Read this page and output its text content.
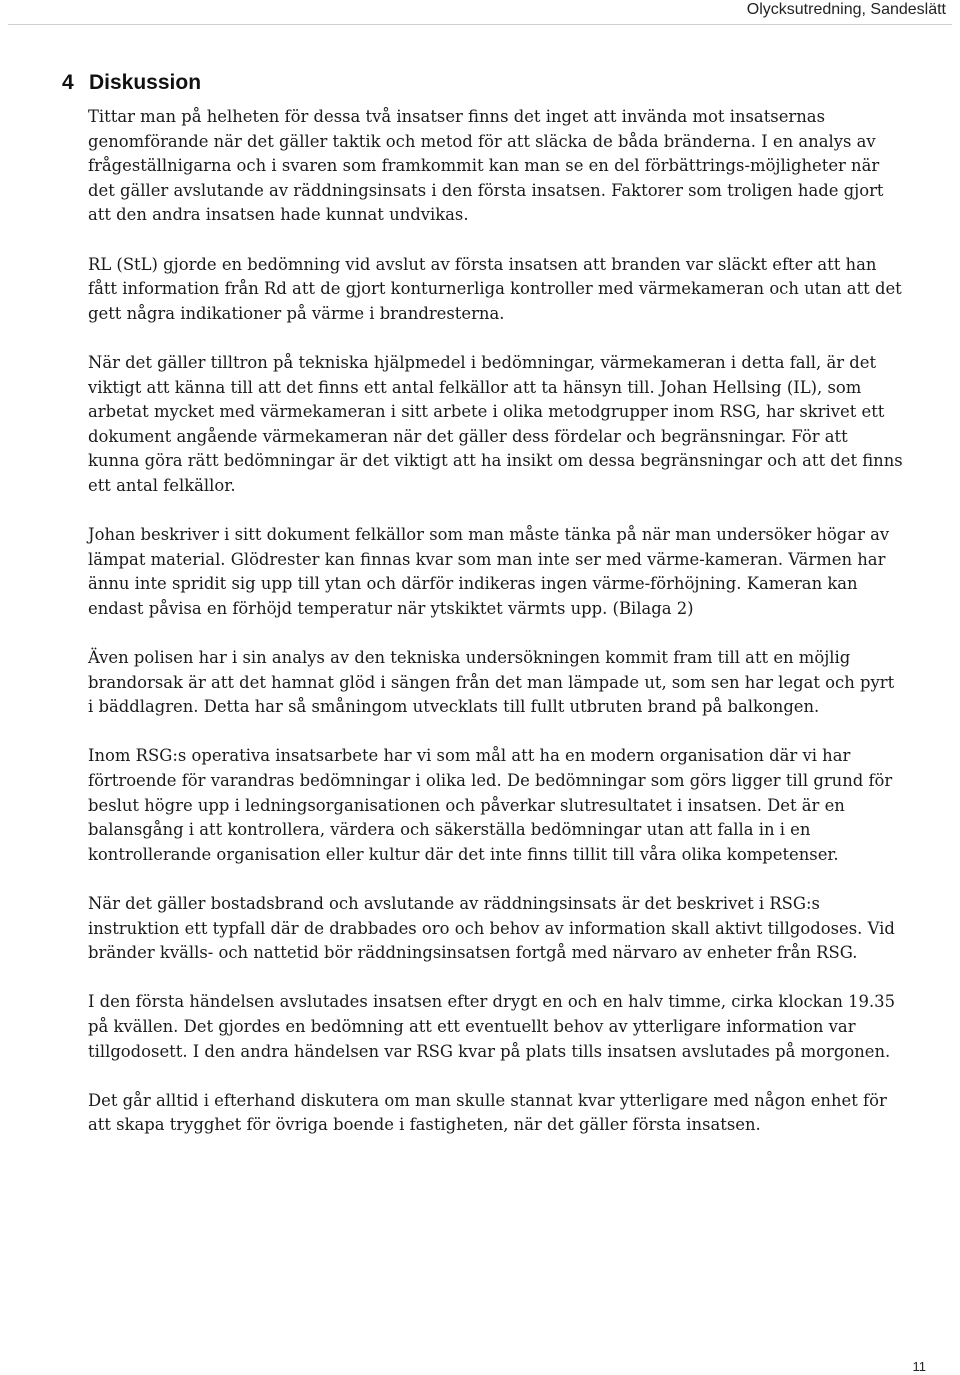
Olycksutredning, Sandeslätt
4 Diskussion

Tittar man på helheten för dessa två insatser finns det inget att invända mot insatsernas genomförande när det gäller taktik och metod för att släcka de båda bränderna. I en analys av frågeställnigarna och i svaren som framkommit kan man se en del förbättrings-möjligheter när det gäller avslutande av räddningsinsats i den första insatsen. Faktorer som troligen hade gjort att den andra insatsen hade kunnat undvikas.

RL (StL) gjorde en bedömning vid avslut av första insatsen att branden var släckt efter att han fått information från Rd att de gjort konturnerliga kontroller med värmekameran och utan att det gett några indikationer på värme i brandresterna.

När det gäller tilltron på tekniska hjälpmedel i bedömningar, värmekameran i detta fall, är det viktigt att känna till att det finns ett antal felkällor att ta hänsyn till. Johan Hellsing (IL), som arbetat mycket med värmekameran i sitt arbete i olika metodgrupper inom RSG, har skrivet ett dokument angående värmekameran när det gäller dess fördelar och begränsningar. För att kunna göra rätt bedömningar är det viktigt att ha insikt om dessa begränsningar och att det finns ett antal felkällor.

Johan beskriver i sitt dokument felkällor som man måste tänka på när man undersöker högar av lämpat material. Glödrester kan finnas kvar som man inte ser med värme-kameran. Värmen har ännu inte spridit sig upp till ytan och därför indikeras ingen värme-förhöjning. Kameran kan endast påvisa en förhöjd temperatur när ytskiktet värmts upp. (Bilaga 2)

Även polisen har i sin analys av den tekniska undersökningen kommit fram till att en möjlig brandorsak är att det hamnat glöd i sängen från det man lämpade ut, som sen har legat och pyrt i bäddlagren. Detta har så småningom utvecklats till fullt utbruten brand på balkongen.

Inom RSG:s operativa insatsarbete har vi som mål att ha en modern organisation där vi har förtroende för varandras bedömningar i olika led. De bedömningar som görs ligger till grund för beslut högre upp i ledningsorganisationen och påverkar slutresultatet i insatsen. Det är en balansgång i att kontrollera, värdera och säkerställa bedömningar utan att falla in i en kontrollerande organisation eller kultur där det inte finns tillit till våra olika kompetenser.

När det gäller bostadsbrand och avslutande av räddningsinsats är det beskrivet i RSG:s instruktion ett typfall där de drabbades oro och behov av information skall aktivt tillgodoses. Vid bränder kvälls- och nattetid bör räddningsinsatsen fortgå med närvaro av enheter från RSG.

I den första händelsen avslutades insatsen efter drygt en och en halv timme, cirka klockan 19.35 på kvällen. Det gjordes en bedömning att ett eventuellt behov av ytterligare information var tillgodosett. I den andra händelsen var RSG kvar på plats tills insatsen avslutades på morgonen.

Det går alltid i efterhand diskutera om man skulle stannat kvar ytterligare med någon enhet för att skapa trygghet för övriga boende i fastigheten, när det gäller första insatsen.

11
